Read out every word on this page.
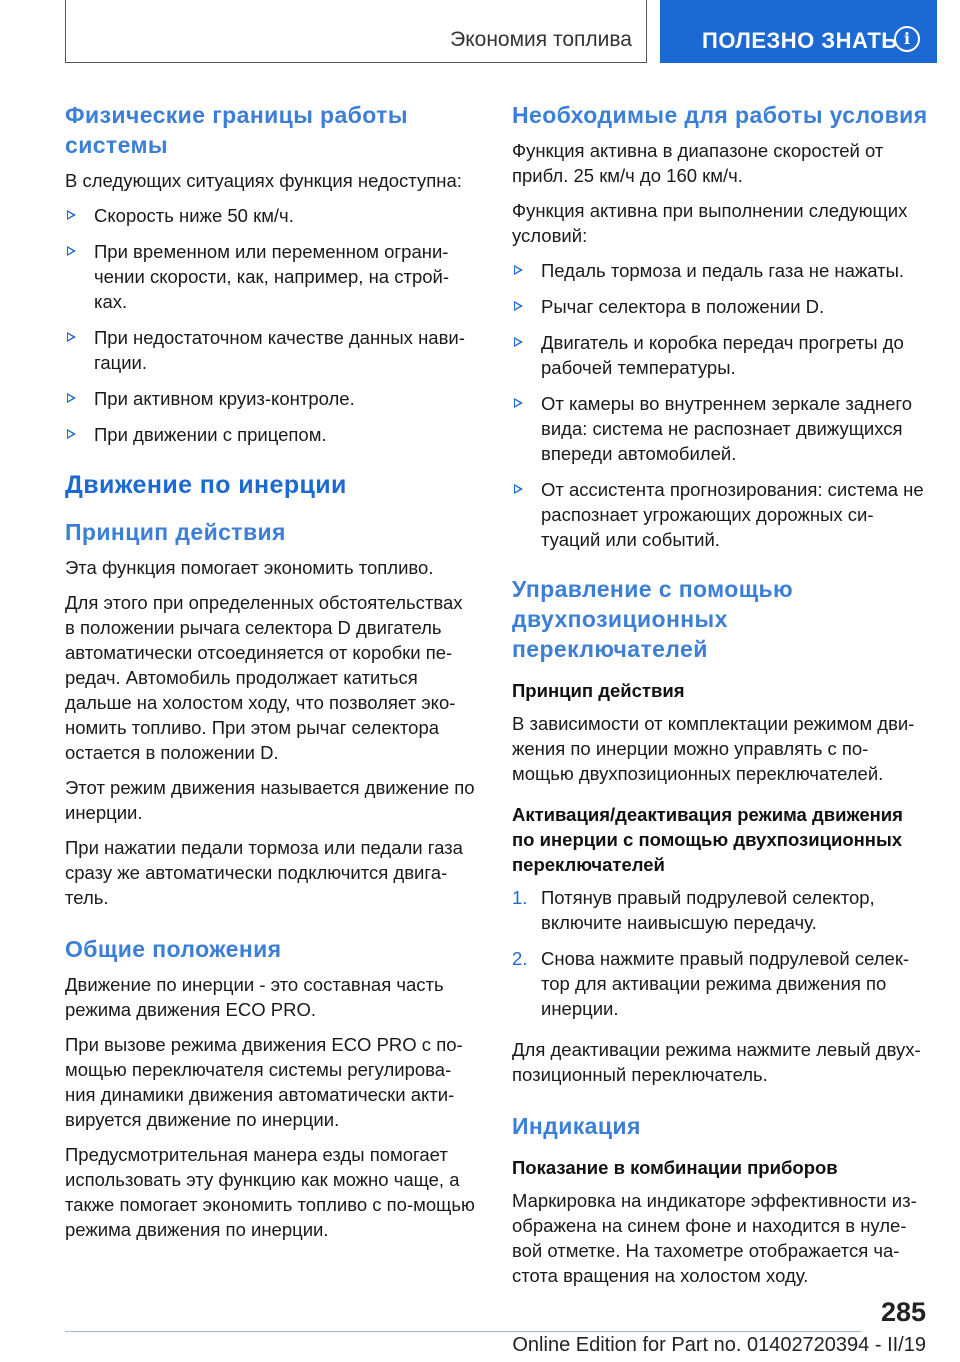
Экономия топлива	ПОЛЕЗНО ЗНАТЬ i
Физические границы работы системы

В следующих ситуациях функция недоступна:

Скорость ниже 50 км/ч.
При временном или переменном ограни-чении скорости, как, например, на строй-ках.
При недостаточном качестве данных нави-гации.
При активном круиз-контроле.
При движении с прицепом.
Движение по инерции
Принцип действия

Эта функция помогает экономить топливо.

Для этого при определенных обстоятельствах в положении рычага селектора D двигатель автоматически отсоединяется от коробки пе-редач. Автомобиль продолжает катиться дальше на холостом ходу, что позволяет эко-номить топливо. При этом рычаг селектора остается в положении D.

Этот режим движения называется движение по инерции.

При нажатии педали тормоза или педали газа сразу же автоматически подключится двига-тель.

Общие положения

Движение по инерции - это составная часть режима движения ECO PRO.

При вызове режима движения ECO PRO с по-мощью переключателя системы регулирова-ния динамики движения автоматически акти-вируется движение по инерции.

Предусмотрительная манера езды помогает использовать эту функцию как можно чаще, а также помогает экономить топливо с по-мощью режима движения по инерции.

Необходимые для работы условия

Функция активна в диапазоне скоростей от прибл. 25 км/ч до 160 км/ч.

Функция активна при выполнении следующих условий:

Педаль тормоза и педаль газа не нажаты.
Рычаг селектора в положении D.
Двигатель и коробка передач прогреты до рабочей температуры.
От камеры во внутреннем зеркале заднего вида: система не распознает движущихся впереди автомобилей.
От ассистента прогнозирования: система не распознает угрожающих дорожных си-туаций или событий.
Управление с помощью двухпозиционных переключателей
Принцип действия

В зависимости от комплектации режимом дви-жения по инерции можно управлять с по-мощью двухпозиционных переключателей.

Активация/деактивация режима движения по инерции с помощью двухпозиционных переключателей
1. Потянув правый подрулевой селектор, включите наивысшую передачу.
2. Снова нажмите правый подрулевой селек-тор для активации режима движения по инерции.

Для деактивации режима нажмите левый двух-позиционный переключатель.

Индикация
Показание в комбинации приборов

Маркировка на индикаторе эффективности из-ображена на синем фоне и находится в нуле-вой отметке. На тахометре отображается ча-стота вращения на холостом ходу.

285
Online Edition for Part no. 01402720394 - II/19
